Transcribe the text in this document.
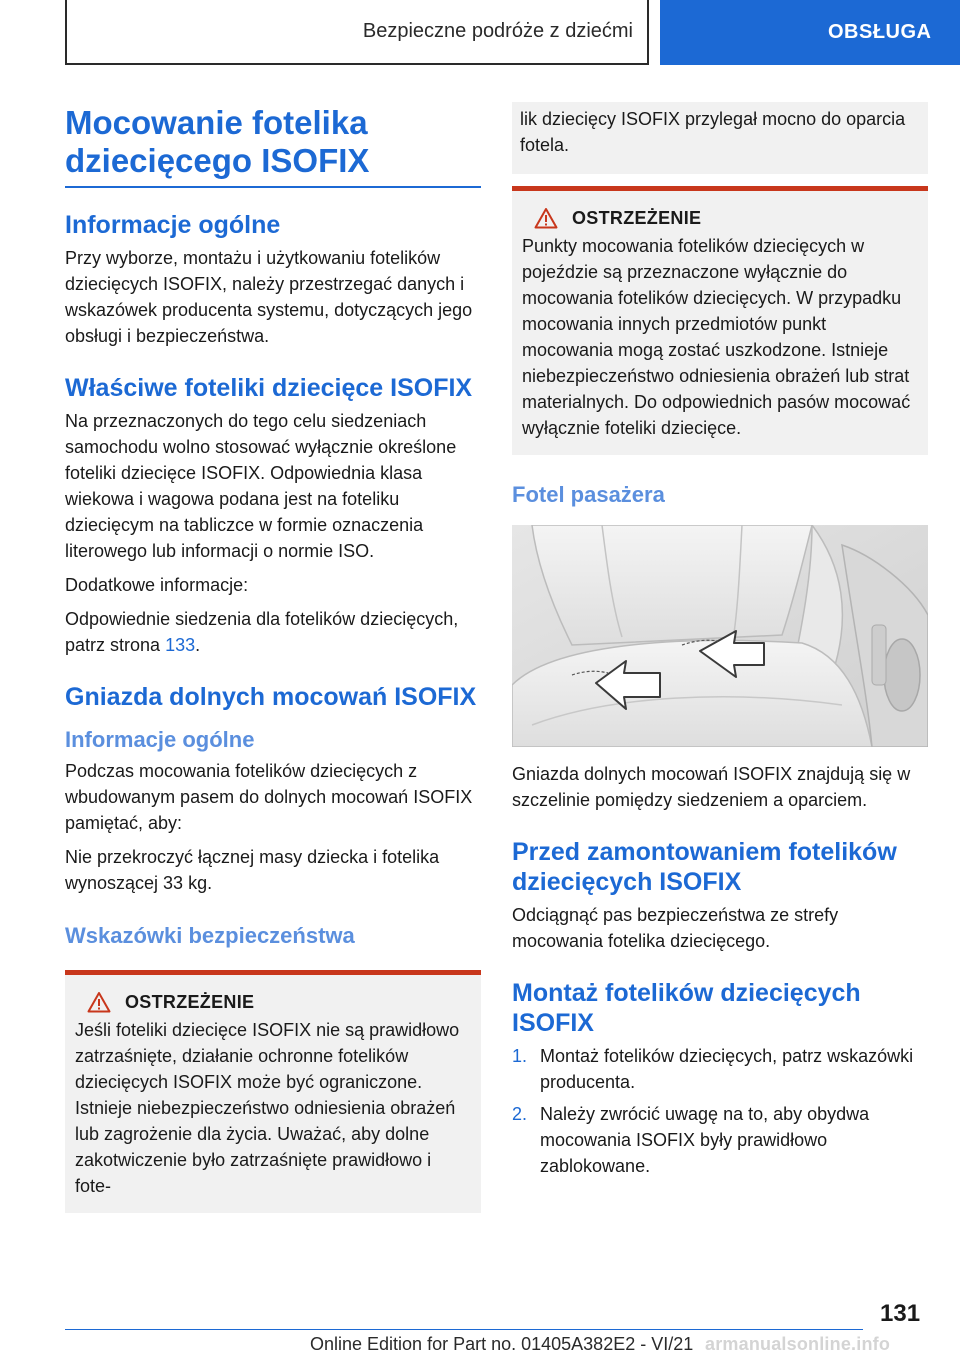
Bezpieczne podróże z dziećmi	OBSŁUGA
Mocowanie fotelika dziecięcego ISOFIX
Informacje ogólne

Przy wyborze, montażu i użytkowaniu fotelików dziecięcych ISOFIX, należy przestrzegać danych i wskazówek producenta systemu, dotyczących jego obsługi i bezpieczeństwa.

Właściwe foteliki dziecięce ISOFIX

Na przeznaczonych do tego celu siedzeniach samochodu wolno stosować wyłącznie określone foteliki dziecięce ISOFIX. Odpowiednia klasa wiekowa i wagowa podana jest na foteliku dziecięcym na tabliczce w formie oznaczenia literowego lub informacji o normie ISO.

Dodatkowe informacje:

Odpowiednie siedzenia dla fotelików dziecięcych, patrz strona 133.

Gniazda dolnych mocowań ISOFIX
Informacje ogólne

Podczas mocowania fotelików dziecięcych z wbudowanym pasem do dolnych mocowań ISOFIX pamiętać, aby:

Nie przekroczyć łącznej masy dziecka i fotelika wynoszącej 33 kg.

Wskazówki bezpieczeństwa
OSTRZEŻENIE

Jeśli foteliki dziecięce ISOFIX nie są prawidłowo zatrzaśnięte, działanie ochronne fotelików dziecięcych ISOFIX może być ograniczone. Istnieje niebezpieczeństwo odniesienia obrażeń lub zagrożenie dla życia. Uważać, aby dolne zakotwiczenie było zatrzaśnięte prawidłowo i fote-

lik dziecięcy ISOFIX przylegał mocno do oparcia fotela.

OSTRZEŻENIE

Punkty mocowania fotelików dziecięcych w pojeździe są przeznaczone wyłącznie do mocowania fotelików dziecięcych. W przypadku mocowania innych przedmiotów punkt mocowania mogą zostać uszkodzone. Istnieje niebezpieczeństwo odniesienia obrażeń lub strat materialnych. Do odpowiednich pasów mocować wyłącznie foteliki dziecięce.

Fotel pasażera

Gniazda dolnych mocowań ISOFIX znajdują się w szczelinie pomiędzy siedzeniem a oparciem.

Przed zamontowaniem fotelików dziecięcych ISOFIX

Odciągnąć pas bezpieczeństwa ze strefy mocowania fotelika dziecięcego.

Montaż fotelików dziecięcych ISOFIX
1. Montaż fotelików dziecięcych, patrz wskazówki producenta.
2. Należy zwrócić uwagę na to, aby obydwa mocowania ISOFIX były prawidłowo zablokowane.
131
Online Edition for Part no. 01405A382E2 - VI/21 armanualsonline.info
